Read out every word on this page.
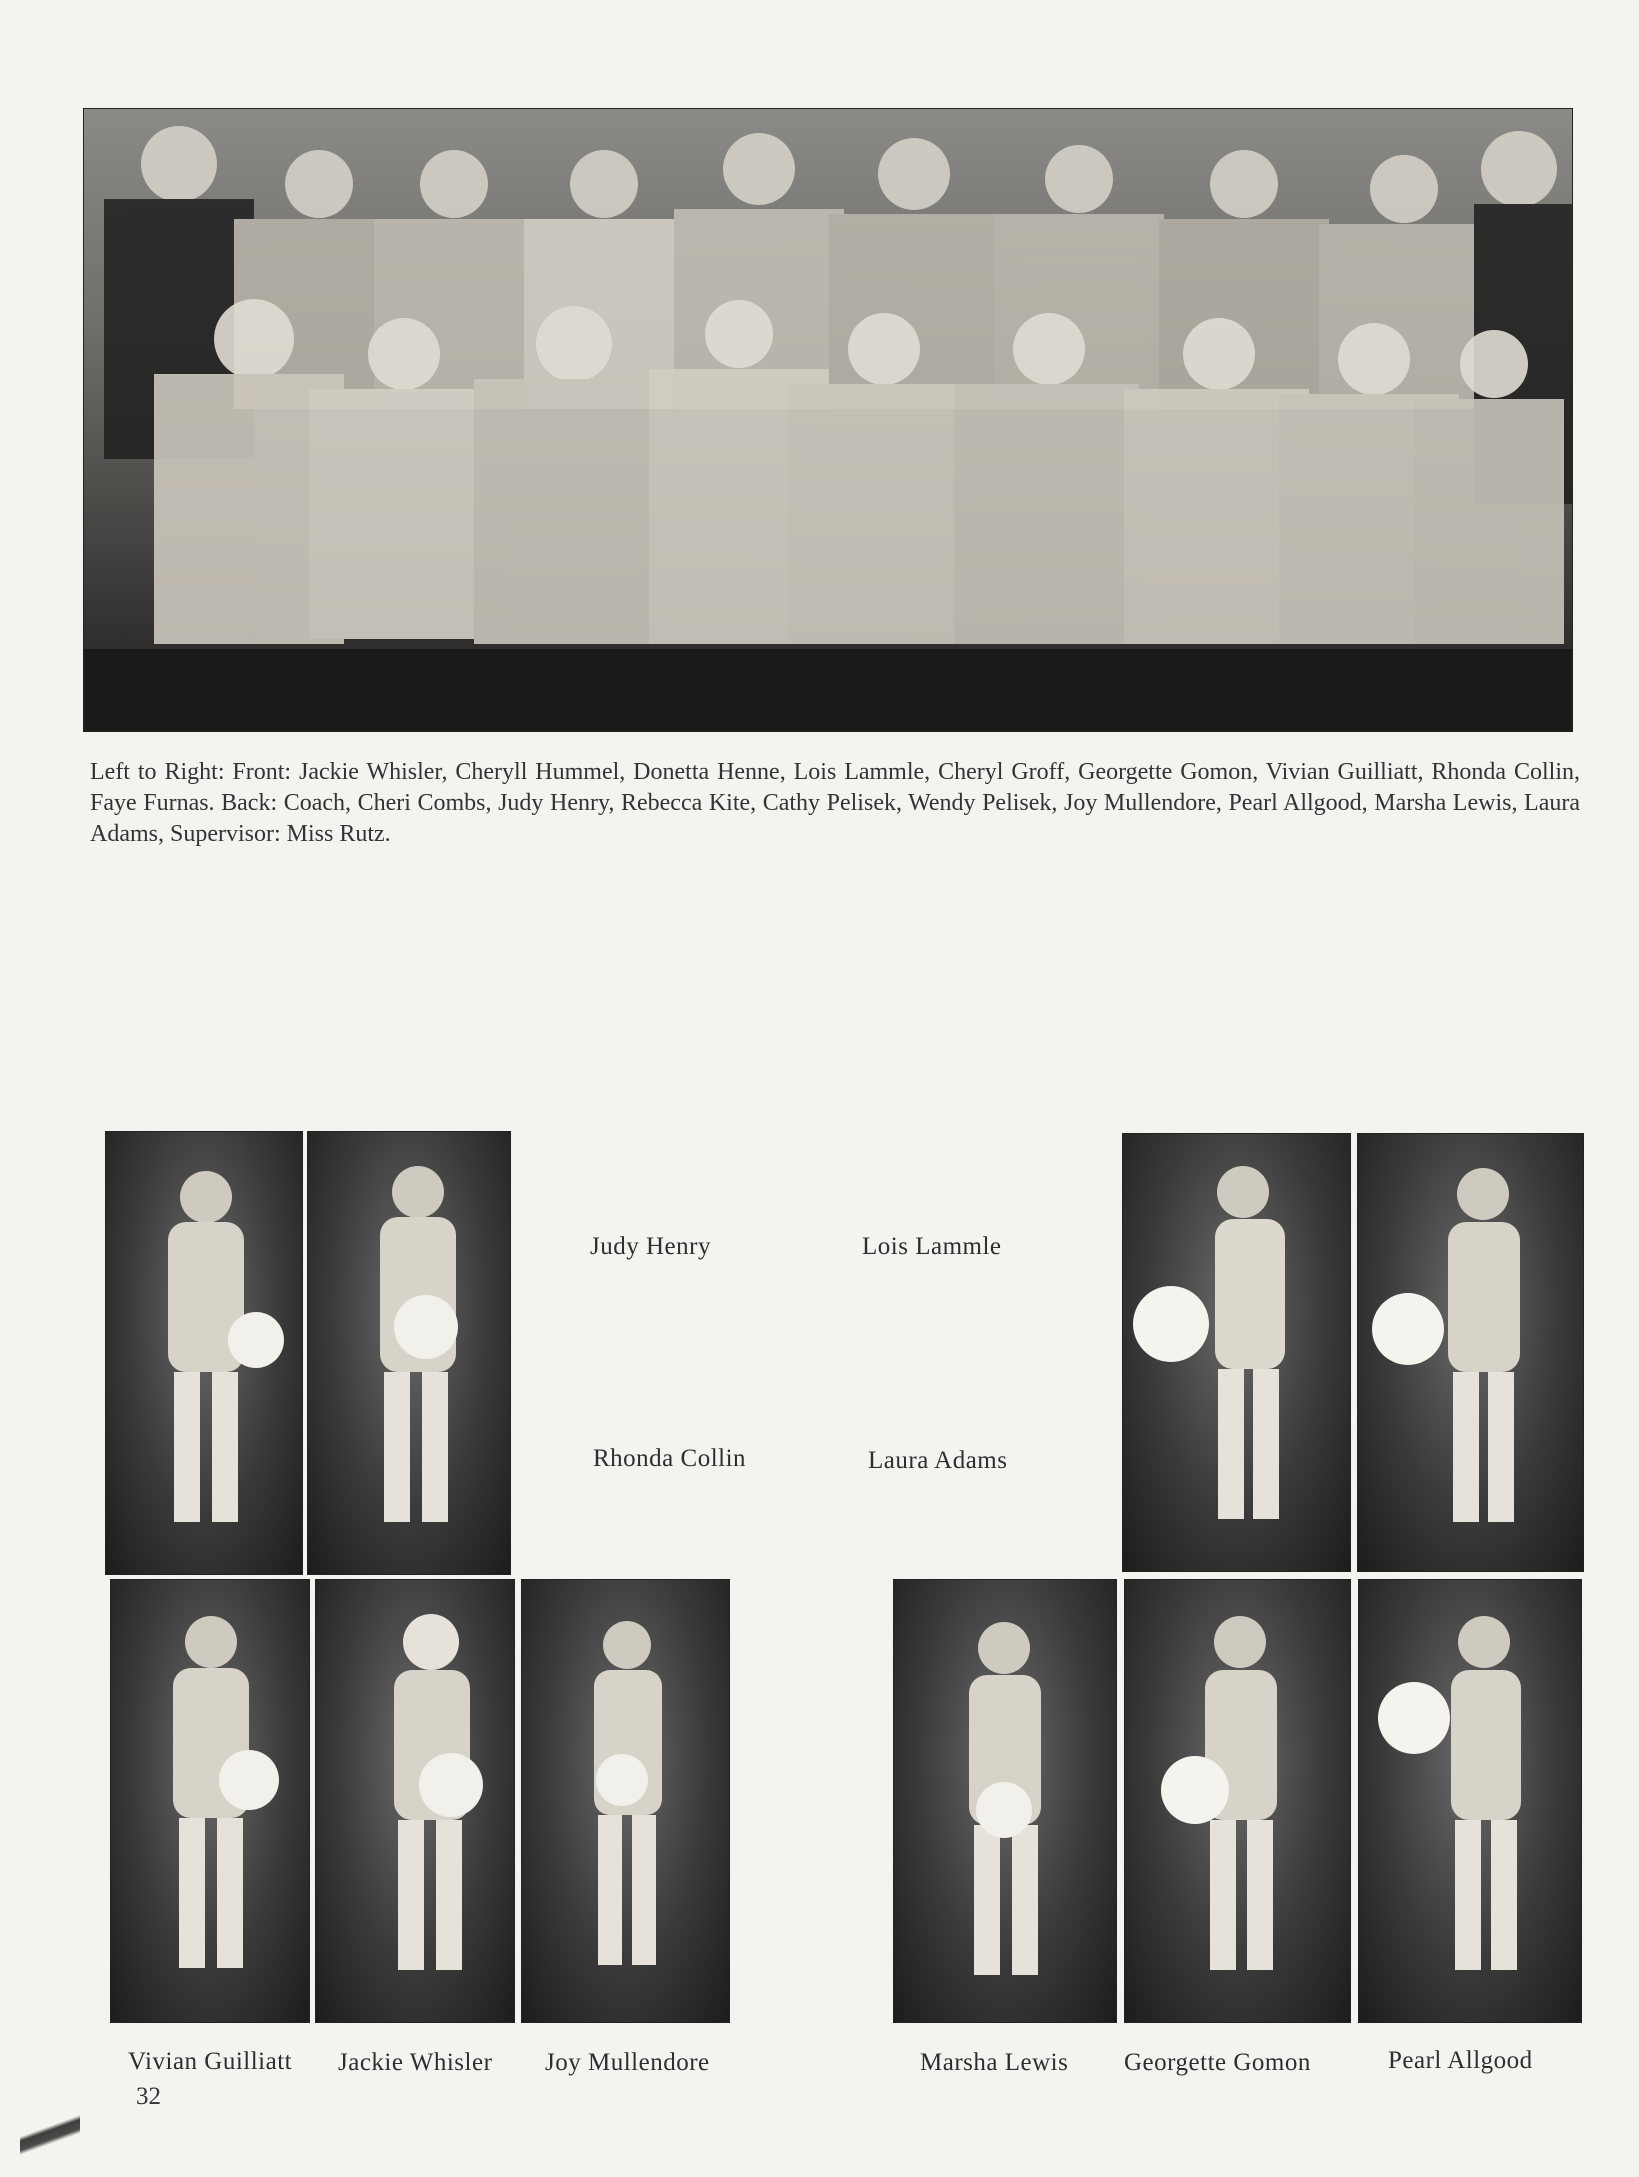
Left to Right: Front: Jackie Whisler, Cheryll Hummel, Donetta Henne, Lois Lammle, Cheryl Groff, Georgette Gomon, Vivian Guilliatt, Rhonda Collin, Faye Furnas. Back: Coach, Cheri Combs, Judy Henry, Rebecca Kite, Cathy Pelisek, Wendy Pelisek, Joy Mullendore, Pearl Allgood, Marsha Lewis, Laura Adams, Supervisor: Miss Rutz.
Judy Henry	Lois Lammle
Rhonda Collin	Laura Adams
Vivian Guilliatt Jackie Whisler Joy Mullendore	Marsha Lewis Georgette Gomon	Pearl Allgood
32
